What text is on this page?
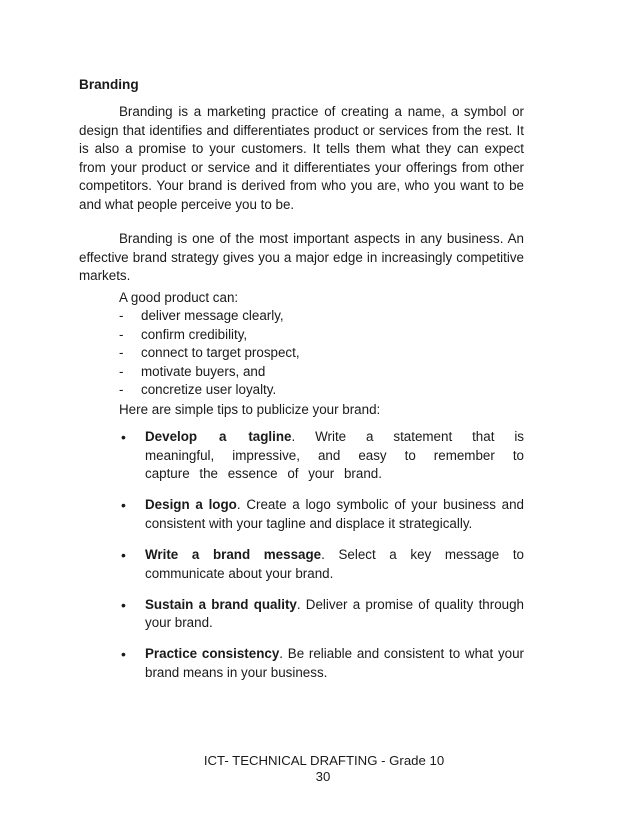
Branding

Branding is a marketing practice of creating a name, a symbol or design that identifies and differentiates product or services from the rest. It is also a promise to your customers. It tells them what they can expect from your product or service and it differentiates your offerings from other competitors. Your brand is derived from who you are, who you want to be and what people perceive you to be.

Branding is one of the most important aspects in any business. An effective brand strategy gives you a major edge in increasingly competitive markets.

A good product can:

-	deliver message clearly,
-	confirm credibility,
-	connect to target prospect,
-	motivate buyers, and
-	concretize user loyalty.

Here are simple tips to publicize your brand:

•	Develop a tagline. Write a statement that is meaningful, impressive, and easy to remember to capture the essence of your brand.
•	Design a logo. Create a logo symbolic of your business and consistent with your tagline and displace it strategically.
•	Write a brand message. Select a key message to communicate about your brand.
•	Sustain a brand quality. Deliver a promise of quality through your brand.
•	Practice consistency. Be reliable and consistent to what your brand means in your business.

ICT- TECHNICAL DRAFTING - Grade 10

30
